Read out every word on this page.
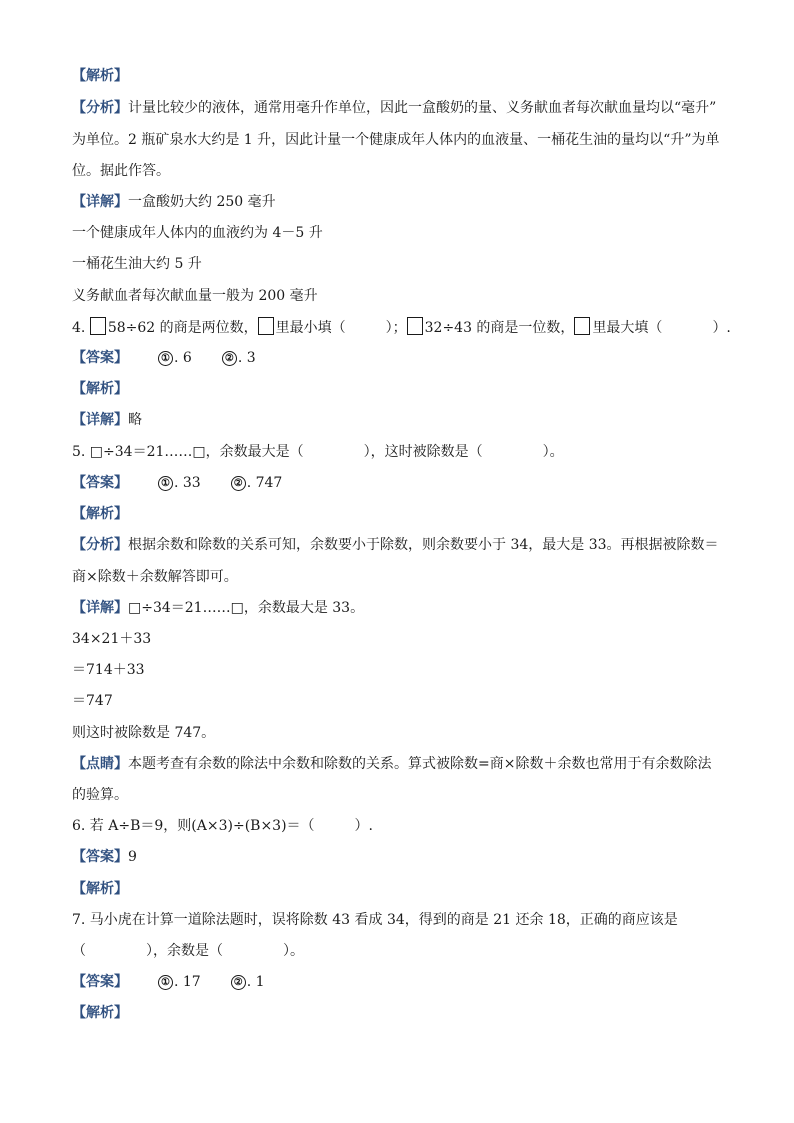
【解析】
【分析】计量比较少的液体，通常用毫升作单位，因此一盒酸奶的量、义务献血者每次献血量均以“毫升”
为单位。2 瓶矿泉水大约是 1 升，因此计量一个健康成年人体内的血液量、一桶花生油的量均以“升”为单
位。据此作答。
【详解】一盒酸奶大约 250 毫升
一个健康成年人体内的血液约为 4－5 升
一桶花生油大约 5 升
义务献血者每次献血量一般为 200 毫升
4. 58÷62 的商是两位数， 里最小填（	）； 32÷43 的商是一位数， 里最大填（	）.
【答案】	① . 6	② . 3
【解析】
【详解】略
5. □÷34＝21……□，余数最大是（	），这时被除数是（	）。
【答案】	① . 33	② . 747
【解析】
【分析】根据余数和除数的关系可知，余数要小于除数，则余数要小于 34，最大是 33。再根据被除数＝
商×除数＋余数解答即可。
【详解】□÷34＝21……□，余数最大是 33。
34×21＋33
＝714＋33
＝747
则这时被除数是 747。
【点睛】本题考查有余数的除法中余数和除数的关系。算式被除数=商×除数＋余数也常用于有余数除法
的验算。
6. 若 A÷B＝9，则(A×3)÷(B×3)＝（	）.
【答案】9
【解析】
7. 马小虎在计算一道除法题时，误将除数 43 看成 34，得到的商是 21 还余 18，正确的商应该是
（	），余数是（	）。
【答案】	① . 17	② . 1
【解析】
